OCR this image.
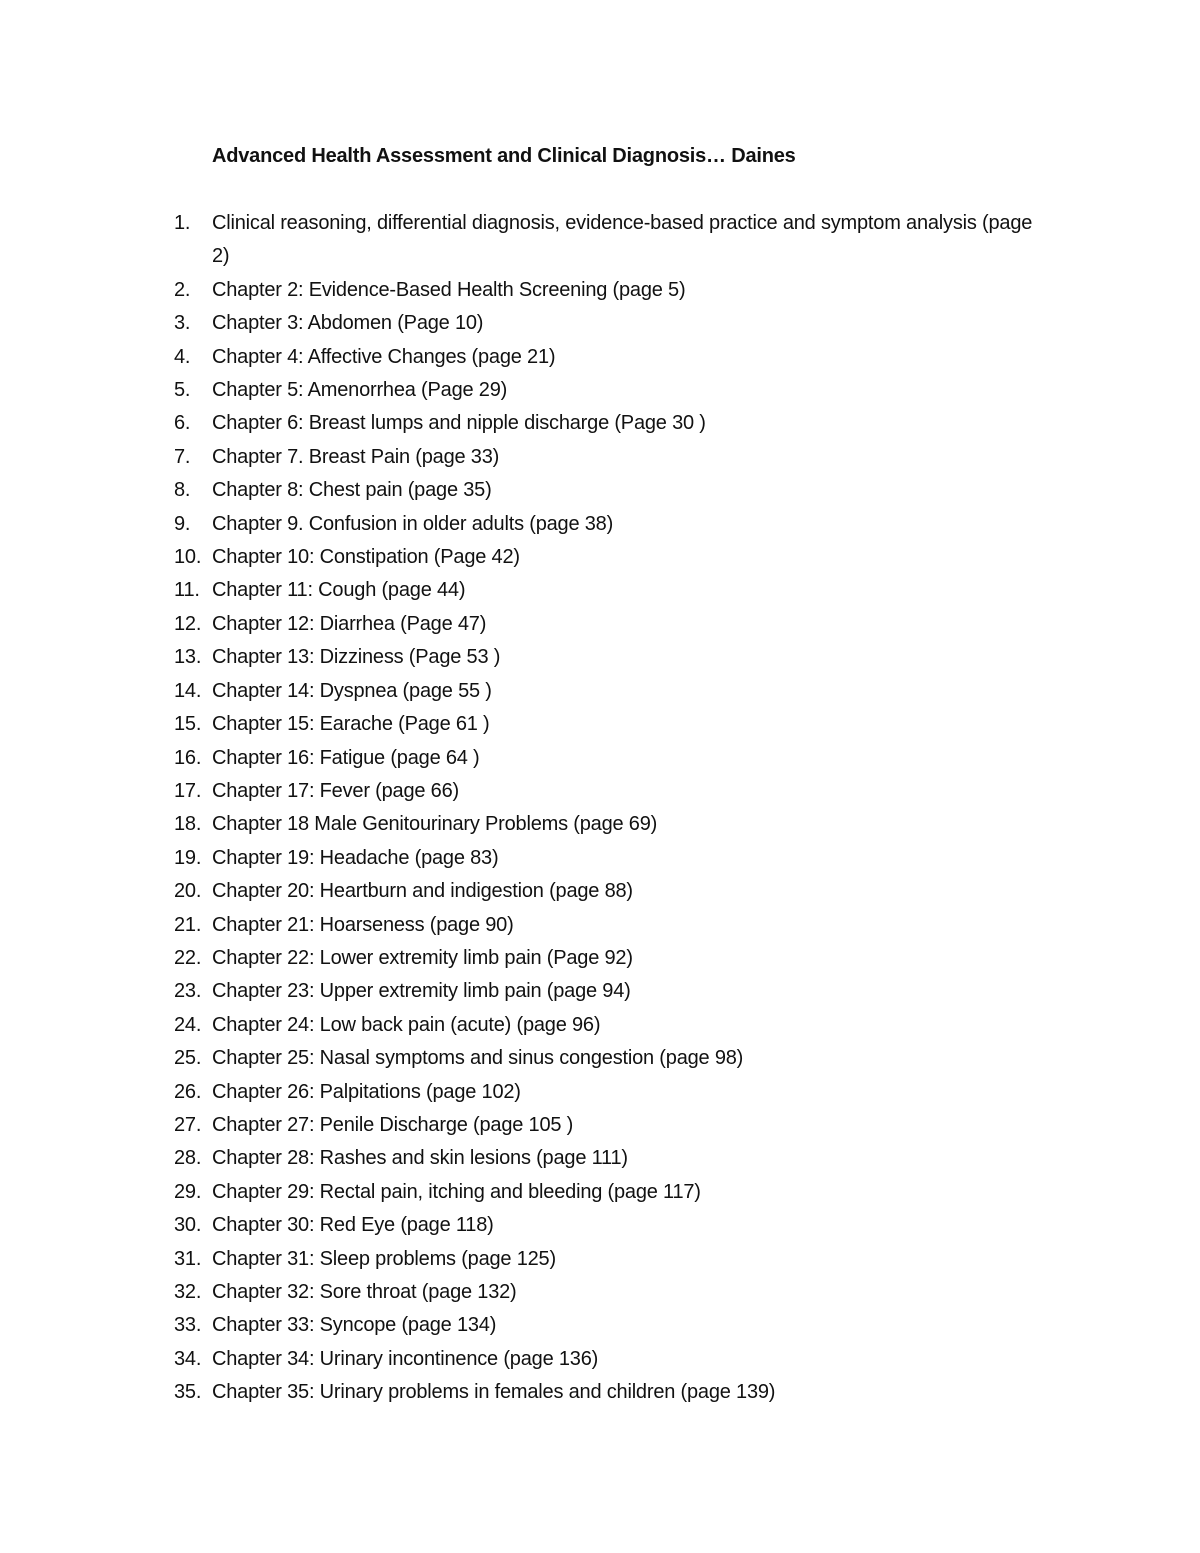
Advanced Health Assessment and Clinical Diagnosis… Daines
1. Clinical reasoning, differential diagnosis, evidence-based practice and symptom analysis (page 2)
2. Chapter 2: Evidence-Based Health Screening (page 5)
3. Chapter 3: Abdomen (Page 10)
4. Chapter 4: Affective Changes (page 21)
5. Chapter 5: Amenorrhea (Page 29)
6. Chapter 6: Breast lumps and nipple discharge (Page 30 )
7. Chapter 7. Breast Pain (page 33)
8. Chapter 8: Chest pain (page 35)
9. Chapter 9. Confusion in older adults (page 38)
10. Chapter 10: Constipation (Page 42)
11. Chapter 11: Cough (page 44)
12. Chapter 12: Diarrhea (Page 47)
13. Chapter 13: Dizziness (Page 53 )
14. Chapter 14: Dyspnea (page 55 )
15. Chapter 15: Earache (Page 61 )
16. Chapter 16: Fatigue (page 64 )
17. Chapter 17: Fever (page 66)
18. Chapter 18 Male Genitourinary Problems (page 69)
19. Chapter 19: Headache (page 83)
20. Chapter 20: Heartburn and indigestion (page 88)
21. Chapter 21: Hoarseness (page 90)
22. Chapter 22: Lower extremity limb pain (Page 92)
23. Chapter 23: Upper extremity limb pain (page 94)
24. Chapter 24: Low back pain (acute) (page 96)
25. Chapter 25: Nasal symptoms and sinus congestion (page 98)
26. Chapter 26: Palpitations (page 102)
27. Chapter 27: Penile Discharge (page 105 )
28. Chapter 28: Rashes and skin lesions (page 111)
29. Chapter 29: Rectal pain, itching and bleeding (page 117)
30. Chapter 30: Red Eye (page 118)
31. Chapter 31: Sleep problems (page 125)
32. Chapter 32: Sore throat (page 132)
33. Chapter 33: Syncope (page 134)
34. Chapter 34: Urinary incontinence (page 136)
35. Chapter 35: Urinary problems in females and children (page 139)
